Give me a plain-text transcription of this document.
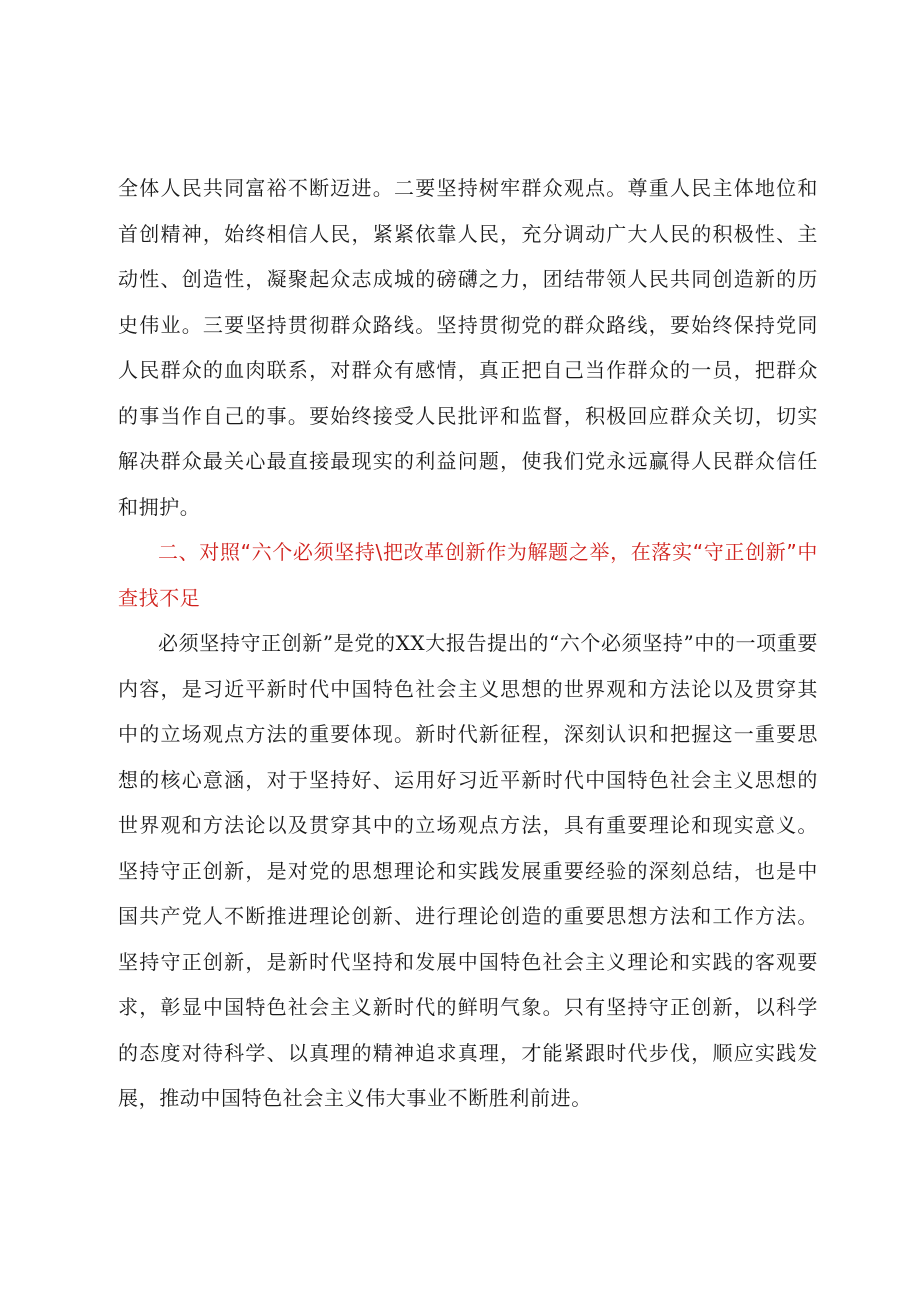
全体人民共同富裕不断迈进。二要坚持树牢群众观点。尊重人民主体地位和首创精神，始终相信人民，紧紧依靠人民，充分调动广大人民的积极性、主动性、创造性，凝聚起众志成城的磅礴之力，团结带领人民共同创造新的历史伟业。三要坚持贯彻群众路线。坚持贯彻党的群众路线，要始终保持党同人民群众的血肉联系，对群众有感情，真正把自己当作群众的一员，把群众的事当作自己的事。要始终接受人民批评和监督，积极回应群众关切，切实解决群众最关心最直接最现实的利益问题，使我们党永远赢得人民群众信任和拥护。

二、对照“六个必须坚持\把改革创新作为解题之举，在落实“守正创新”中查找不足

必须坚持守正创新”是党的XX大报告提出的“六个必须坚持”中的一项重要内容，是习近平新时代中国特色社会主义思想的世界观和方法论以及贯穿其中的立场观点方法的重要体现。新时代新征程，深刻认识和把握这一重要思想的核心意涵，对于坚持好、运用好习近平新时代中国特色社会主义思想的世界观和方法论以及贯穿其中的立场观点方法，具有重要理论和现实意义。坚持守正创新，是对党的思想理论和实践发展重要经验的深刻总结，也是中国共产党人不断推进理论创新、进行理论创造的重要思想方法和工作方法。坚持守正创新，是新时代坚持和发展中国特色社会主义理论和实践的客观要求，彰显中国特色社会主义新时代的鲜明气象。只有坚持守正创新，以科学的态度对待科学、以真理的精神追求真理，才能紧跟时代步伐，顺应实践发展，推动中国特色社会主义伟大事业不断胜利前进。
